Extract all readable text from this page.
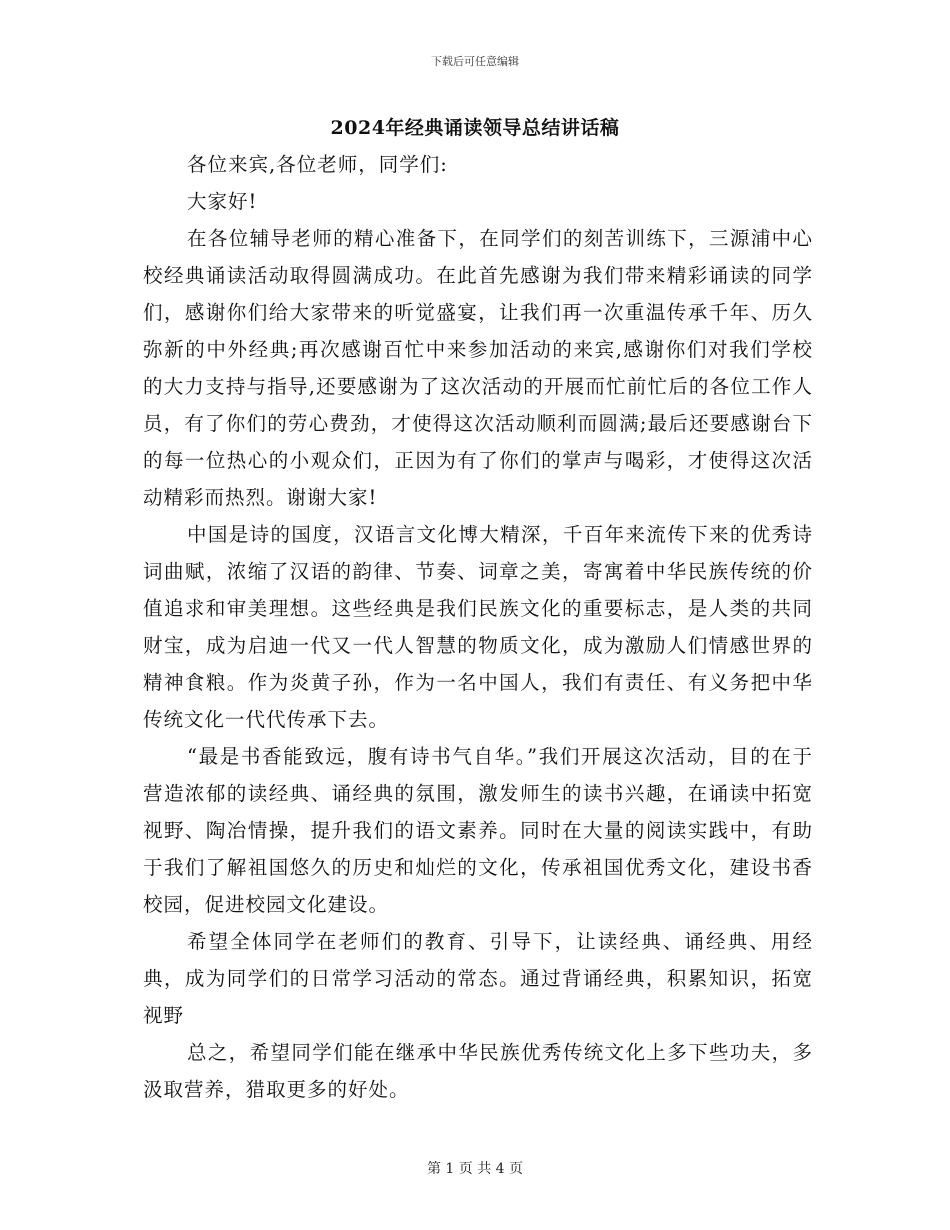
下载后可任意编辑
2024年经典诵读领导总结讲话稿

各位来宾,各位老师，同学们:

大家好!

在各位辅导老师的精心准备下，在同学们的刻苦训练下，三源浦中心校经典诵读活动取得圆满成功。在此首先感谢为我们带来精彩诵读的同学们，感谢你们给大家带来的听觉盛宴，让我们再一次重温传承千年、历久弥新的中外经典;再次感谢百忙中来参加活动的来宾,感谢你们对我们学校的大力支持与指导,还要感谢为了这次活动的开展而忙前忙后的各位工作人员，有了你们的劳心费劲，才使得这次活动顺利而圆满;最后还要感谢台下的每一位热心的小观众们，正因为有了你们的掌声与喝彩，才使得这次活动精彩而热烈。谢谢大家!

中国是诗的国度，汉语言文化博大精深，千百年来流传下来的优秀诗词曲赋，浓缩了汉语的韵律、节奏、词章之美，寄寓着中华民族传统的价值追求和审美理想。这些经典是我们民族文化的重要标志，是人类的共同财宝，成为启迪一代又一代人智慧的物质文化，成为激励人们情感世界的精神食粮。作为炎黄子孙，作为一名中国人，我们有责任、有义务把中华传统文化一代代传承下去。

“最是书香能致远，腹有诗书气自华。”我们开展这次活动，目的在于营造浓郁的读经典、诵经典的氛围，激发师生的读书兴趣，在诵读中拓宽视野、陶冶情操，提升我们的语文素养。同时在大量的阅读实践中，有助于我们了解祖国悠久的历史和灿烂的文化，传承祖国优秀文化，建设书香校园，促进校园文化建设。

希望全体同学在老师们的教育、引导下，让读经典、诵经典、用经典，成为同学们的日常学习活动的常态。通过背诵经典，积累知识，拓宽视野

总之，希望同学们能在继承中华民族优秀传统文化上多下些功夫，多汲取营养，猎取更多的好处。

第 1 页 共 4 页
